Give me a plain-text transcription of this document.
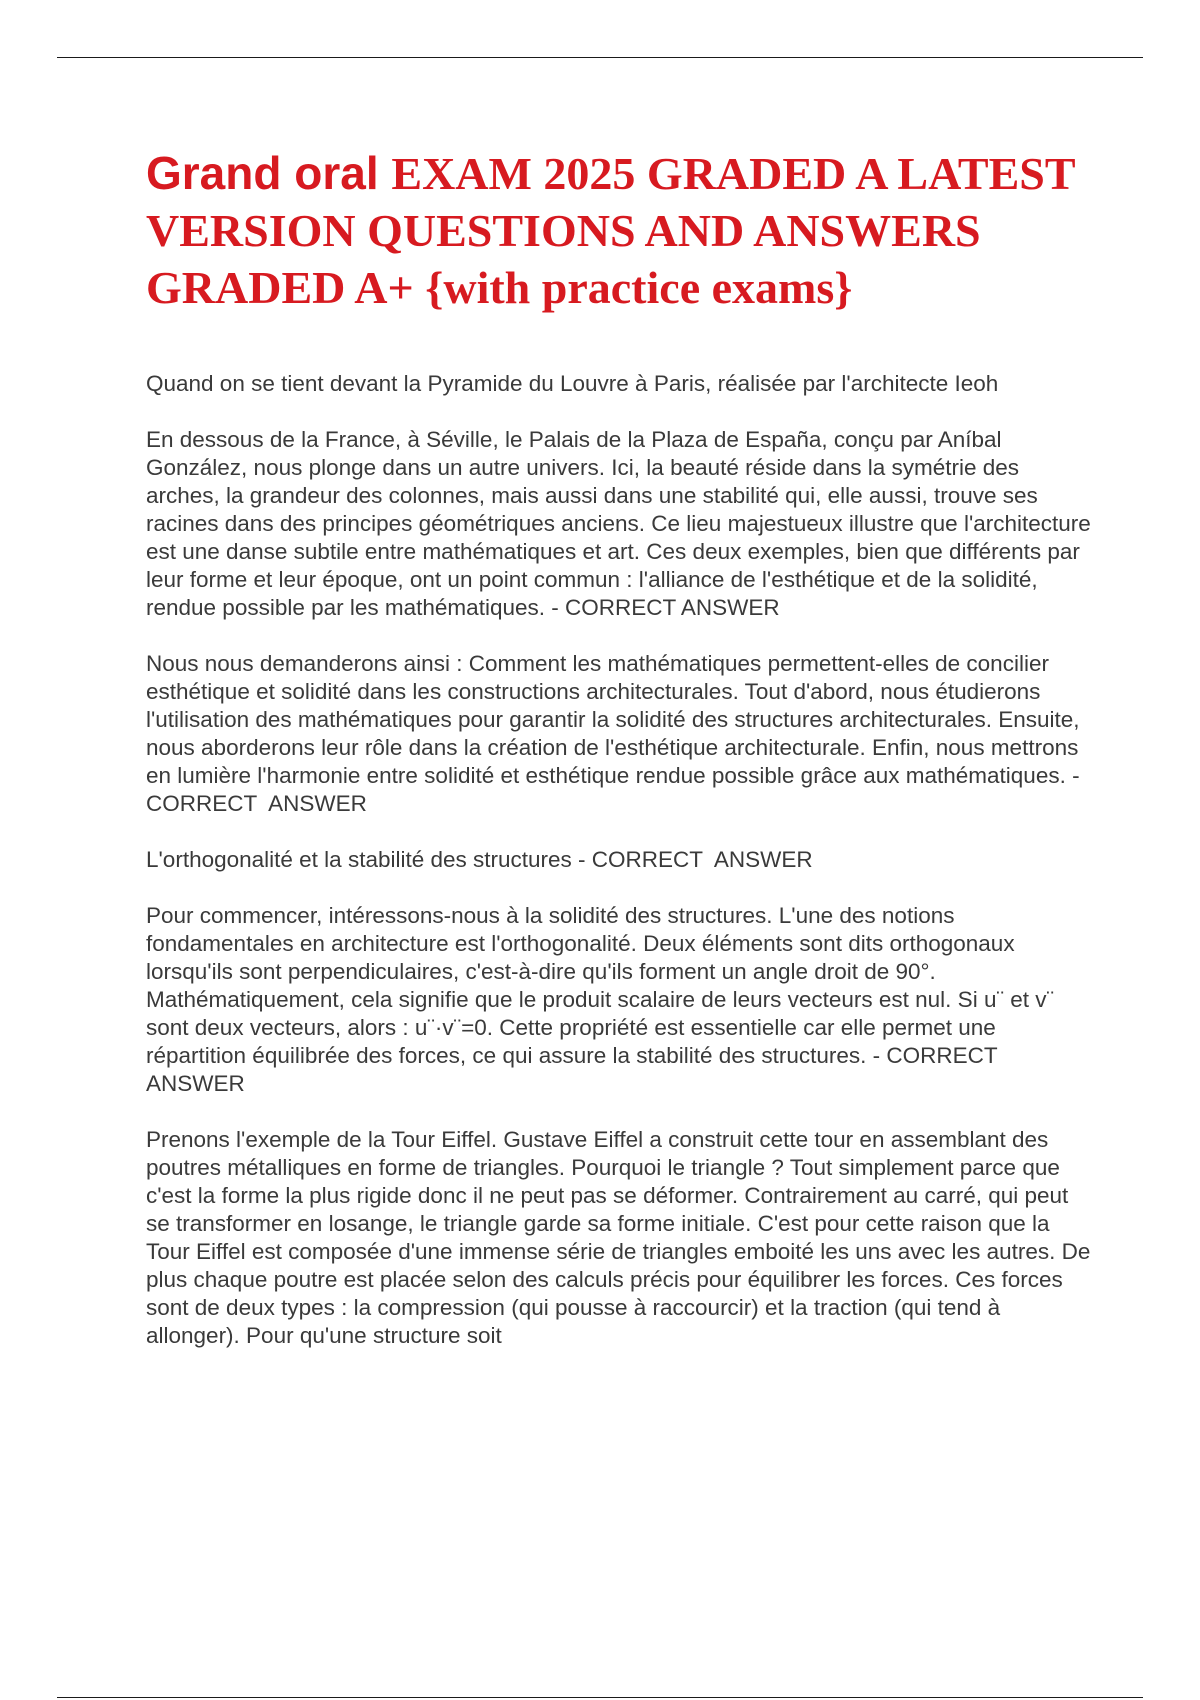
Grand oral EXAM 2025 GRADED A LATEST VERSION QUESTIONS AND ANSWERS GRADED A+ {with practice exams}

Quand on se tient devant la Pyramide du Louvre à Paris, réalisée par l'architecte Ieoh

En dessous de la France, à Séville, le Palais de la Plaza de España, conçu par Aníbal González, nous plonge dans un autre univers. Ici, la beauté réside dans la symétrie des arches, la grandeur des colonnes, mais aussi dans une stabilité qui, elle aussi, trouve ses racines dans des principes géométriques anciens. Ce lieu majestueux illustre que l'architecture est une danse subtile entre mathématiques et art. Ces deux exemples, bien que différents par leur forme et leur époque, ont un point commun : l'alliance de l'esthétique et de la solidité, rendue possible par les mathématiques. - CORRECT ANSWER

Nous nous demanderons ainsi : Comment les mathématiques permettent-elles de concilier esthétique et solidité dans les constructions architecturales. Tout d'abord, nous étudierons l'utilisation des mathématiques pour garantir la solidité des structures architecturales. Ensuite, nous aborderons leur rôle dans la création de l'esthétique architecturale. Enfin, nous mettrons en lumière l'harmonie entre solidité et esthétique rendue possible grâce aux mathématiques. - CORRECT  ANSWER

L'orthogonalité et la stabilité des structures - CORRECT  ANSWER

Pour commencer, intéressons-nous à la solidité des structures. L'une des notions fondamentales en architecture est l'orthogonalité. Deux éléments sont dits orthogonaux lorsqu'ils sont perpendiculaires, c'est-à-dire qu'ils forment un angle droit de 90°. Mathématiquement, cela signifie que le produit scalaire de leurs vecteurs est nul. Si u¨ et v¨ sont deux vecteurs, alors : u¨·v¨=0. Cette propriété est essentielle car elle permet une répartition équilibrée des forces, ce qui assure la stabilité des structures. - CORRECT  ANSWER

Prenons l'exemple de la Tour Eiffel. Gustave Eiffel a construit cette tour en assemblant des poutres métalliques en forme de triangles. Pourquoi le triangle ? Tout simplement parce que c'est la forme la plus rigide donc il ne peut pas se déformer. Contrairement au carré, qui peut se transformer en losange, le triangle garde sa forme initiale. C'est pour cette raison que la Tour Eiffel est composée d'une immense série de triangles emboité les uns avec les autres. De plus chaque poutre est placée selon des calculs précis pour équilibrer les forces. Ces forces sont de deux types : la compression (qui pousse à raccourcir) et la traction (qui tend à allonger). Pour qu'une structure soit
